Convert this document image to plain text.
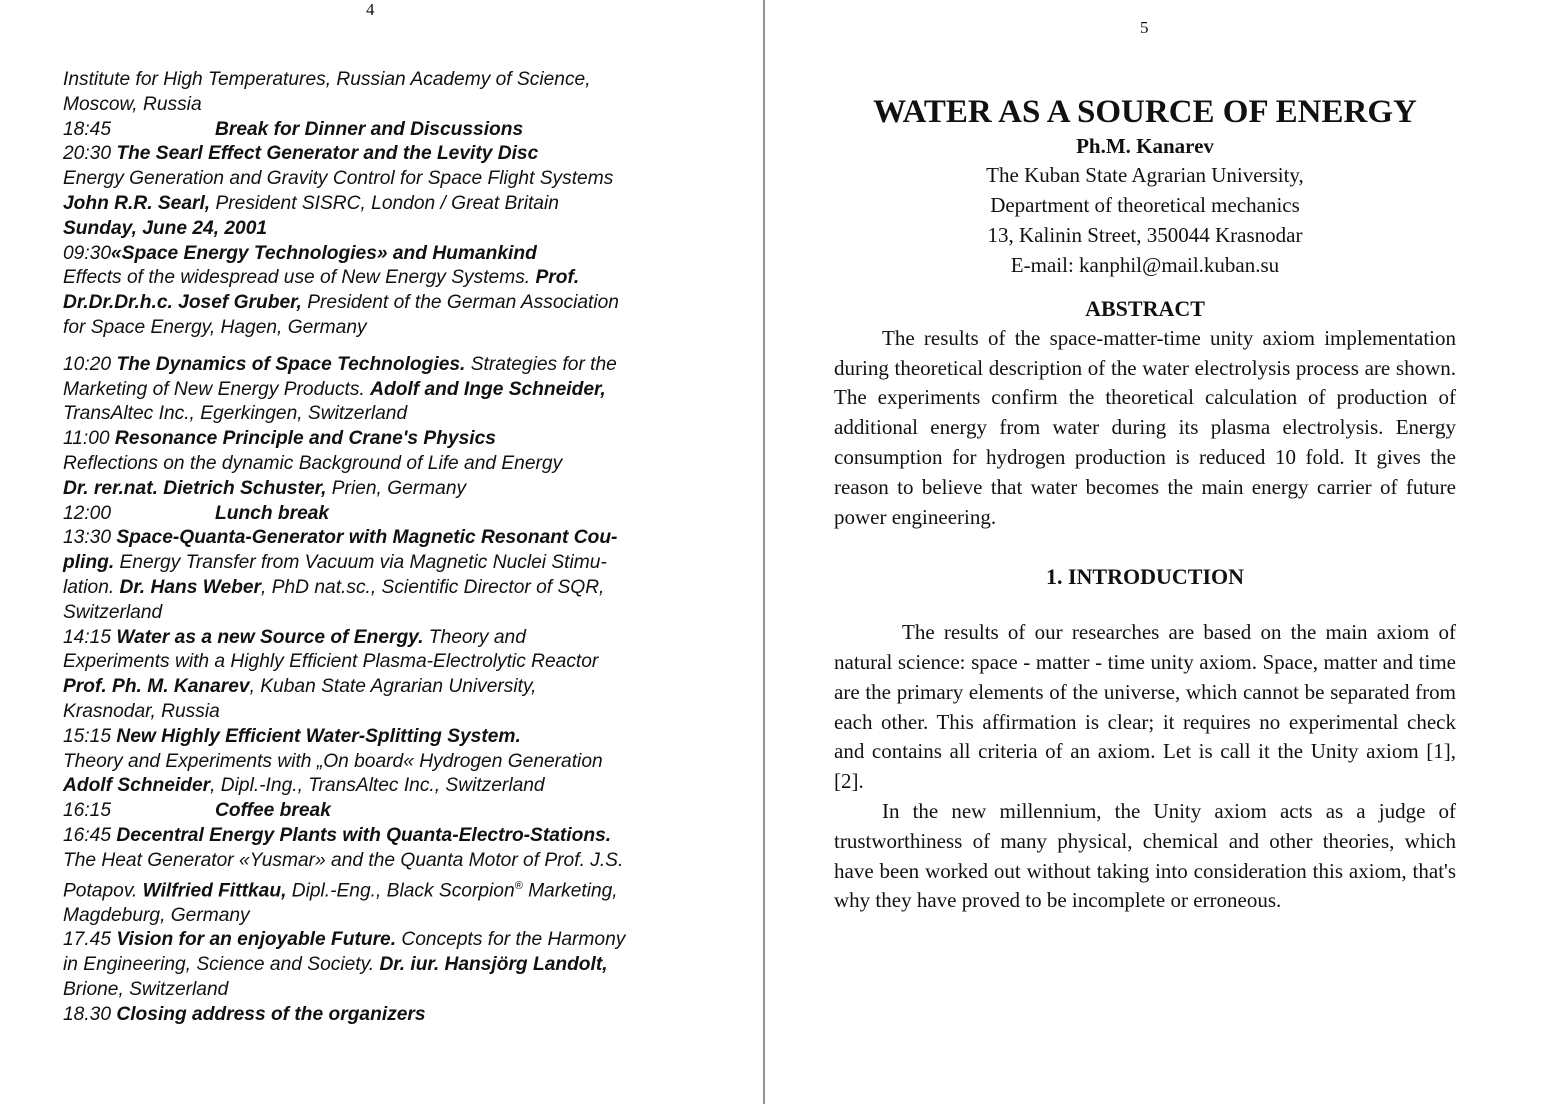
4

Institute for High Temperatures, Russian Academy of Science,

Moscow, Russia

18:45	Break for Dinner and Discussions

20:30 The Searl Effect Generator and the Levity Disc

Energy Generation and Gravity Control for Space Flight Systems

John R.R. Searl, President SISRC, London / Great Britain

Sunday, June 24, 2001

09:30«Space Energy Technologies» and Humankind

Effects of the widespread use of New Energy Systems. Prof.

Dr.Dr.Dr.h.c. Josef Gruber, President of the German Association

for Space Energy, Hagen, Germany

10:20 The Dynamics of Space Technologies. Strategies for the

Marketing of New Energy Products. Adolf and Inge Schneider,

TransAltec Inc., Egerkingen, Switzerland

11:00 Resonance Principle and Crane's Physics

Reflections on the dynamic Background of Life and Energy

Dr. rer.nat. Dietrich Schuster, Prien, Germany

12:00	Lunch break

13:30 Space-Quanta-Generator with Magnetic Resonant Cou-

pling. Energy Transfer from Vacuum via Magnetic Nuclei Stimu-

lation. Dr. Hans Weber, PhD nat.sc., Scientific Director of SQR,

Switzerland

14:15 Water as a new Source of Energy. Theory and

Experiments with a Highly Efficient Plasma-Electrolytic Reactor

Prof. Ph. M. Kanarev, Kuban State Agrarian University,

Krasnodar, Russia

15:15 New Highly Efficient Water-Splitting System.

Theory and Experiments with „On board« Hydrogen Generation

Adolf Schneider, Dipl.-Ing., TransAltec Inc., Switzerland

16:15	Coffee break

16:45 Decentral Energy Plants with Quanta-Electro-Stations.

The Heat Generator «Yusmar» and the Quanta Motor of Prof. J.S.

Potapov. Wilfried Fittkau, Dipl.-Eng., Black Scorpion® Marketing,

Magdeburg, Germany

17.45 Vision for an enjoyable Future. Concepts for the Harmony

in Engineering, Science and Society. Dr. iur. Hansjörg Landolt,

Brione, Switzerland

18.30 Closing address of the organizers

5

WATER AS A SOURCE OF ENERGY

Ph.M. Kanarev

The Kuban State Agrarian University,

Department of theoretical mechanics

13, Kalinin Street, 350044 Krasnodar

E-mail: kanphil@mail.kuban.su

ABSTRACT

The results of the space-matter-time unity axiom implementation during theoretical description of the water electrolysis process are shown. The experiments confirm the theoretical calculation of production of additional energy from water during its plasma electrolysis. Energy consumption for hydrogen production is reduced 10 fold. It gives the reason to believe that water becomes the main energy carrier of future power engineering.

1. INTRODUCTION

The results of our researches are based on the main axiom of natural science: space - matter - time unity axiom. Space, matter and time are the primary elements of the universe, which cannot be separated from each other. This affirmation is clear; it requires no experimental check and contains all criteria of an axiom. Let is call it the Unity axiom [1], [2].

In the new millennium, the Unity axiom acts as a judge of trustworthiness of many physical, chemical and other theories, which have been worked out without taking into consideration this axiom, that's why they have proved to be incomplete or erroneous.
